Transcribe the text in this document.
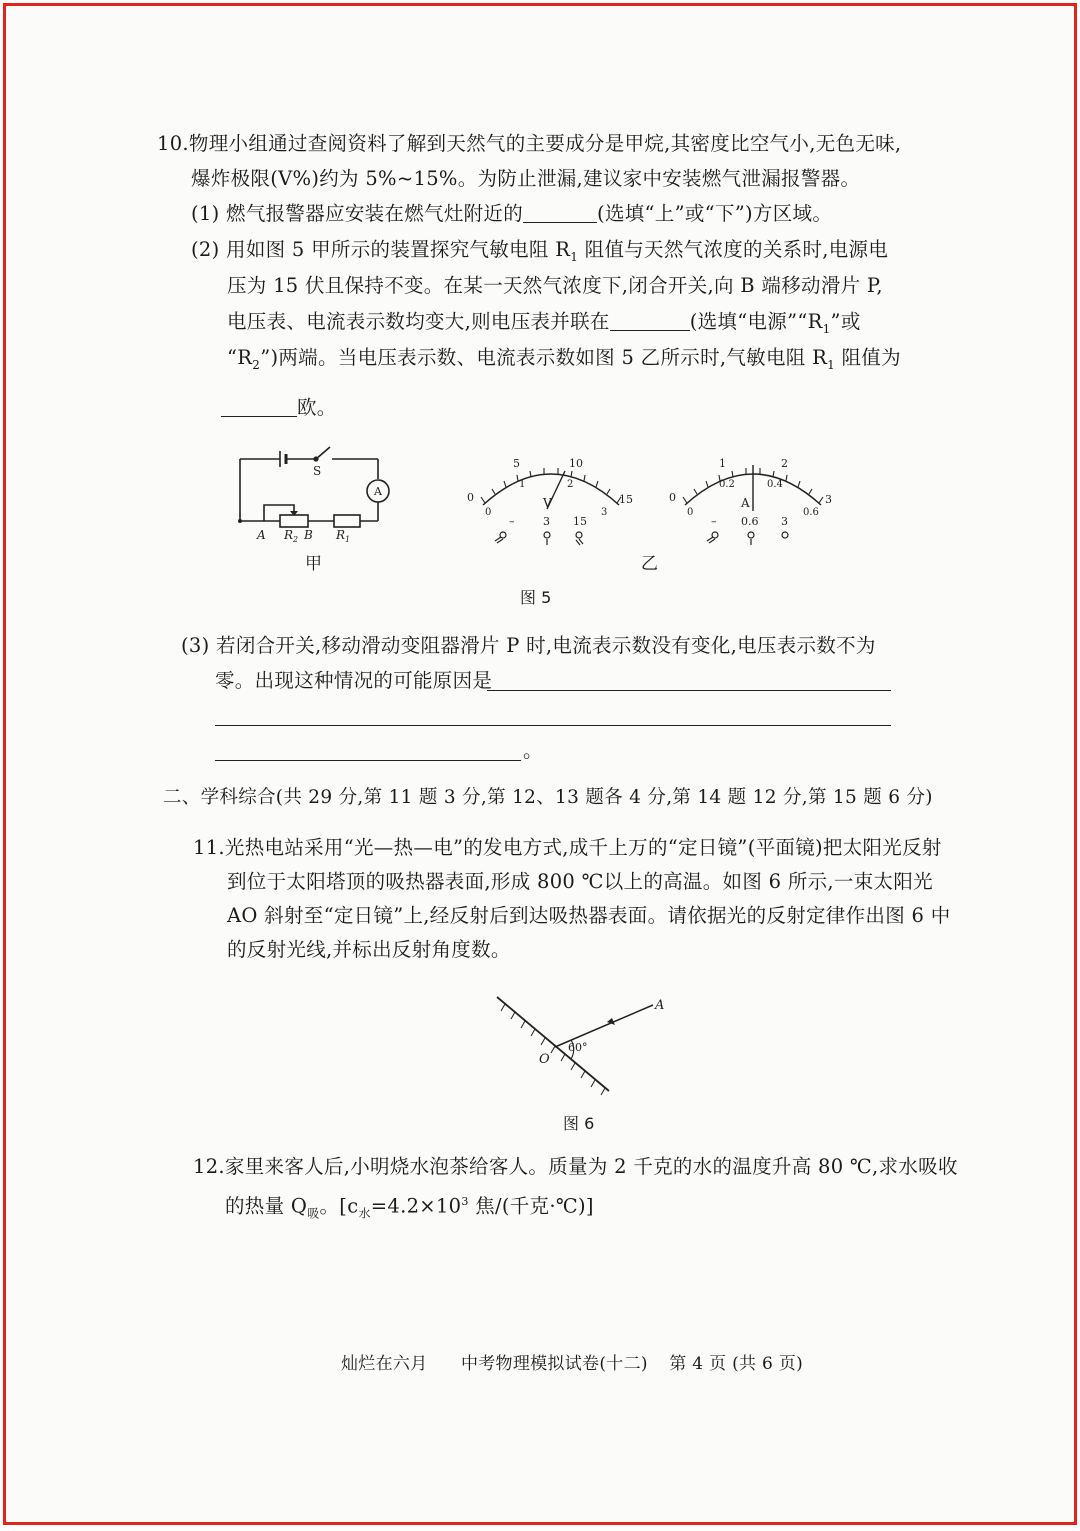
10.物理小组通过查阅资料了解到天然气的主要成分是甲烷,其密度比空气小,无色无味,
爆炸极限(V%)约为 5%~15%。为防止泄漏,建议家中安装燃气泄漏报警器。
(1) 燃气报警器应安装在燃气灶附近的	(选填“上”或“下”)方区域。
(2) 用如图 5 甲所示的装置探究气敏电阻 $R_1$ 阻值与天然气浓度的关系时,电源电
压为 15 伏且保持不变。在某一天然气浓度下,闭合开关,向 B 端移动滑片 P,
电压表、电流表示数均变大,则电压表并联在	(选填“电源$”“R_1$”或
“$R_2$”)两端。当电压表示数、电流表示数如图 5 乙所示时,气敏电阻 $R_1$ 阻值为
欧。
S
A
A $R_2$ B $R_1$
甲
0
5	10
15
0
1	2
3
V
–	3 15
0
1	2
3
0
0.2	0.4
0.6
A
– 0.6 3
乙
图 5
(3) 若闭合开关,移动滑动变阻器滑片 P 时,电流表示数没有变化,电压表示数不为
零。出现这种情况的可能原因是
。
二、学科综合(共 29 分,第 11 题 3 分,第 12、13 题各 4 分,第 14 题 12 分,第 15 题 6 分)
11.光热电站采用“光—热—电”的发电方式,成千上万的“定日镜”(平面镜)把太阳光反射
到位于太阳塔顶的吸热器表面,形成 800 ℃以上的高温。如图 6 所示,一束太阳光
AO 斜射至“定日镜”上,经反射后到达吸热器表面。请依据光的反射定律作出图 6 中
的反射光线,并标出反射角度数。
A
O
60°
图 6
12.家里来客人后,小明烧水泡茶给客人。质量为 2 千克的水的温度升高 80 ℃,求水吸收
的热量 $Q_吸$。[$c_水=4.2\times 10^3$ 焦/(千克·℃)]
灿烂在六月 中考物理模拟试卷(十二) 第 4 页 (共 6 页)
